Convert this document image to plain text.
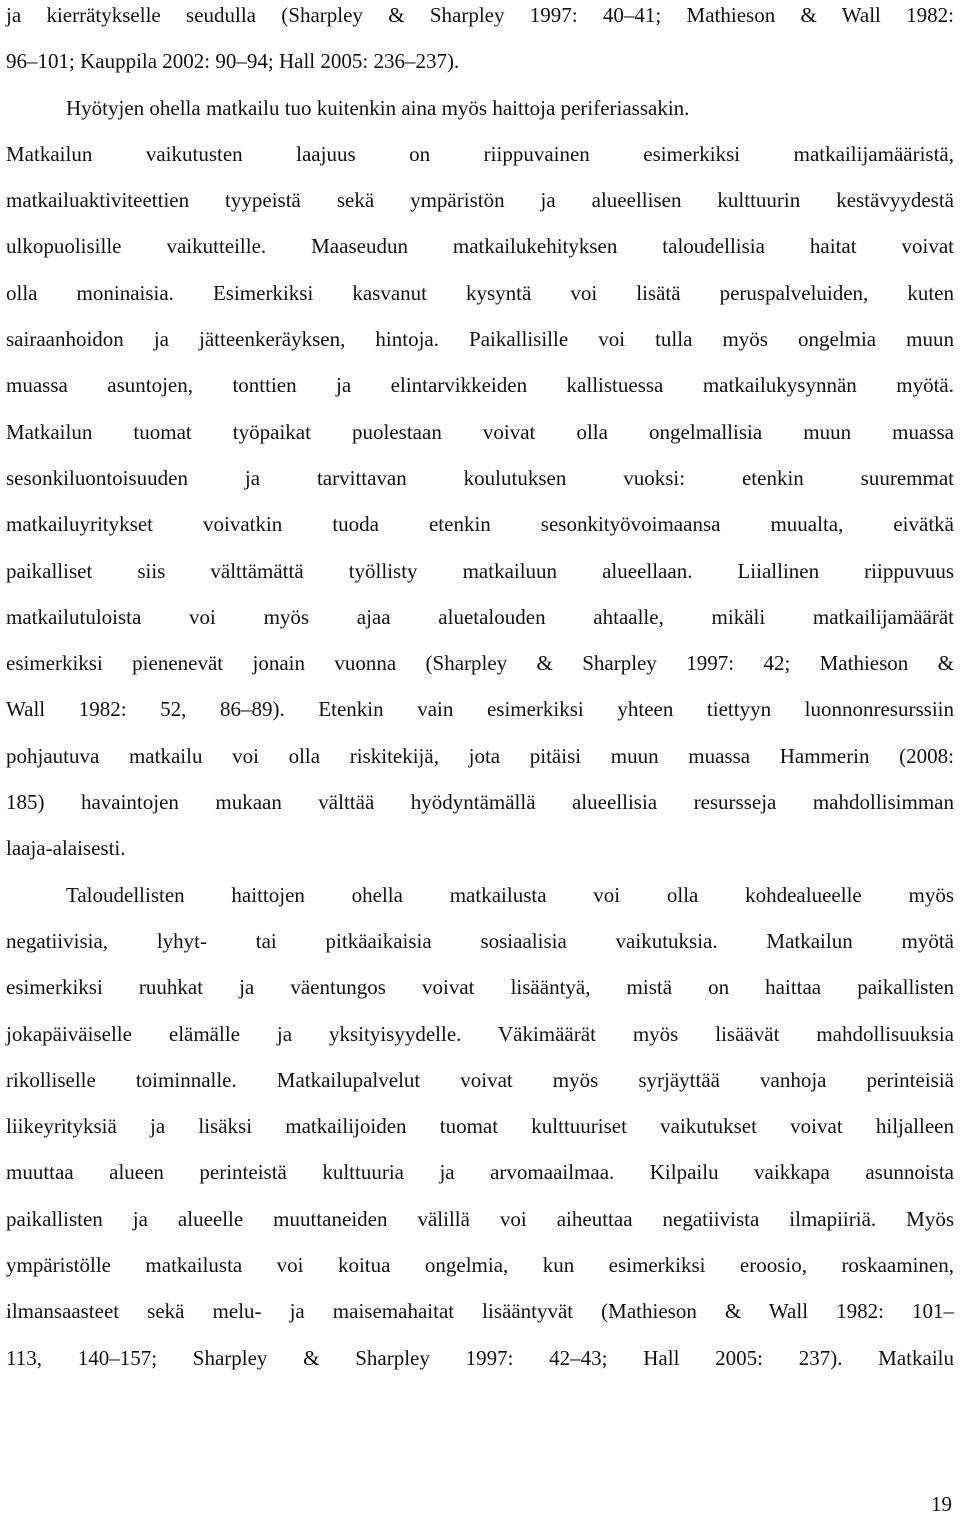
ja kierrätykselle seudulla (Sharpley & Sharpley 1997: 40–41; Mathieson & Wall 1982:
96–101; Kauppila 2002: 90–94; Hall 2005: 236–237).
Hyötyjen ohella matkailu tuo kuitenkin aina myös haittoja periferiassakin.
Matkailun vaikutusten laajuus on riippuvainen esimerkiksi matkailijamääristä,
matkailuaktiviteettien tyypeistä sekä ympäristön ja alueellisen kulttuurin kestävyydestä
ulkopuolisille vaikutteille. Maaseudun matkailukehityksen taloudellisia haitat voivat
olla moninaisia. Esimerkiksi kasvanut kysyntä voi lisätä peruspalveluiden, kuten
sairaanhoidon ja jätteenkeräyksen, hintoja. Paikallisille voi tulla myös ongelmia muun
muassa asuntojen, tonttien ja elintarvikkeiden kallistuessa matkailukysynnän myötä.
Matkailun tuomat työpaikat puolestaan voivat olla ongelmallisia muun muassa
sesonkiluontoisuuden ja tarvittavan koulutuksen vuoksi: etenkin suuremmat
matkailuyritykset voivatkin tuoda etenkin sesonkityövoimaansa muualta, eivätkä
paikalliset siis välttämättä työllisty matkailuun alueellaan. Liiallinen riippuvuus
matkailutuloista voi myös ajaa aluetalouden ahtaalle, mikäli matkailijamäärät
esimerkiksi pienenevät jonain vuonna (Sharpley & Sharpley 1997: 42; Mathieson &
Wall 1982: 52, 86–89). Etenkin vain esimerkiksi yhteen tiettyyn luonnonresurssiin
pohjautuva matkailu voi olla riskitekijä, jota pitäisi muun muassa Hammerin (2008:
185) havaintojen mukaan välttää hyödyntämällä alueellisia resursseja mahdollisimman
laaja-alaisesti.
Taloudellisten haittojen ohella matkailusta voi olla kohdealueelle myös
negatiivisia, lyhyt- tai pitkäaikaisia sosiaalisia vaikutuksia. Matkailun myötä
esimerkiksi ruuhkat ja väentungos voivat lisääntyä, mistä on haittaa paikallisten
jokapäiväiselle elämälle ja yksityisyydelle. Väkimäärät myös lisäävät mahdollisuuksia
rikolliselle toiminnalle. Matkailupalvelut voivat myös syrjäyttää vanhoja perinteisiä
liikeyrityksiä ja lisäksi matkailijoiden tuomat kulttuuriset vaikutukset voivat hiljalleen
muuttaa alueen perinteistä kulttuuria ja arvomaailmaa. Kilpailu vaikkapa asunnoista
paikallisten ja alueelle muuttaneiden välillä voi aiheuttaa negatiivista ilmapiiriä. Myös
ympäristöllе matkailusta voi koitua ongelmia, kun esimerkiksi eroosio, roskaaminen,
ilmansaasteet sekä melu- ja maisemahaitat lisääntyvät (Mathieson & Wall 1982: 101–
113, 140–157; Sharpley & Sharpley 1997: 42–43; Hall 2005: 237). Matkailu
19
